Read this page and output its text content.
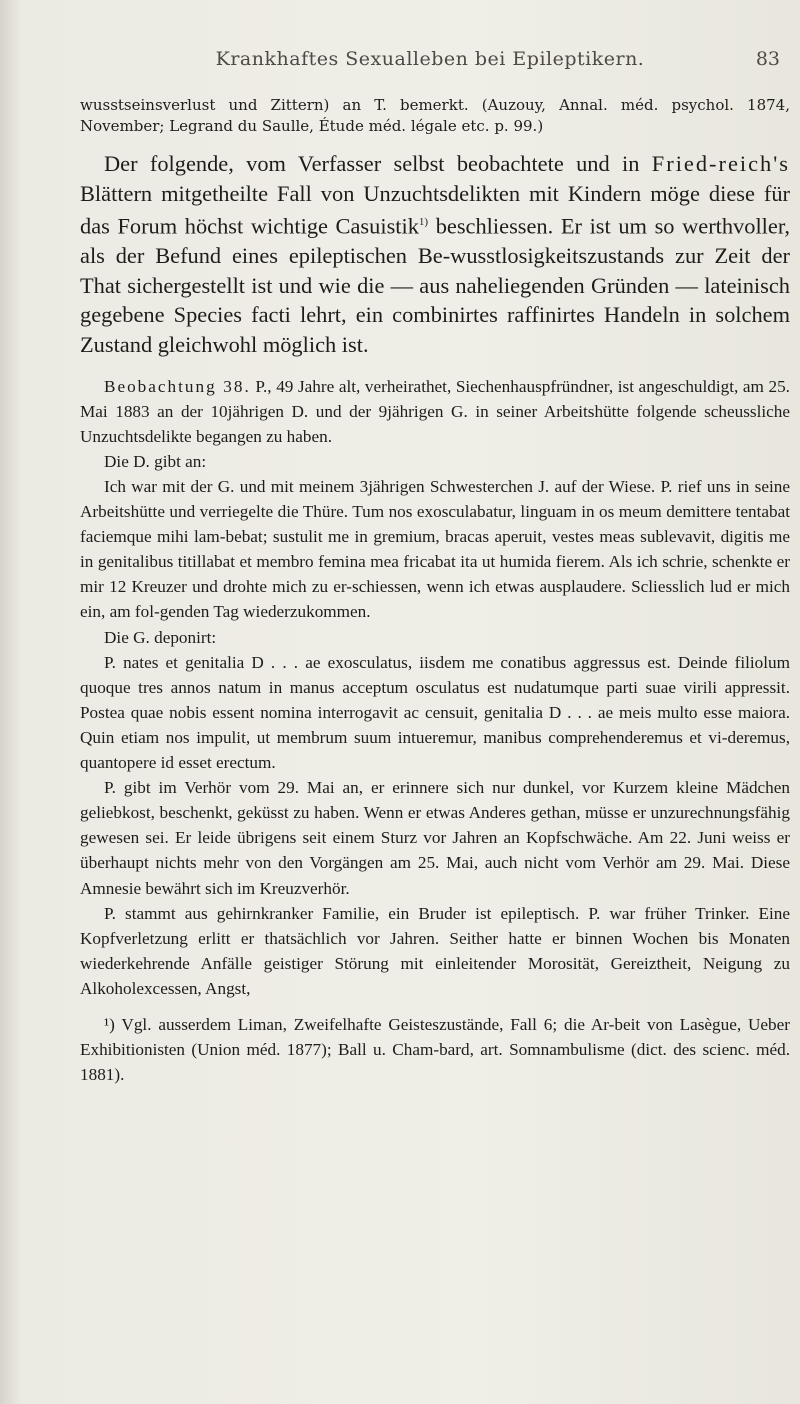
Krankhaftes Sexualleben bei Epileptikern.	83

wusstseinsverlust und Zittern) an T. bemerkt. (Auzouy, Annal. méd. psychol. 1874, November; Legrand du Saulle, Étude méd. légale etc. p. 99.)

Der folgende, vom Verfasser selbst beobachtete und in Fried-reich's Blättern mitgetheilte Fall von Unzuchtsdelikten mit Kindern möge diese für das Forum höchst wichtige Casuistik$^{1)}$ beschliessen. Er ist um so werthvoller, als der Befund eines epileptischen Be-wusstlosigkeitszustands zur Zeit der That sichergestellt ist und wie die — aus naheliegenden Gründen — lateinisch gegebene Species facti lehrt, ein combinirtes raffinirtes Handeln in solchem Zustand gleichwohl möglich ist.

Beobachtung 38. P., 49 Jahre alt, verheirathet, Siechenhauspfründner, ist angeschuldigt, am 25. Mai 1883 an der 10jährigen D. und der 9jährigen G. in seiner Arbeitshütte folgende scheussliche Unzuchtsdelikte begangen zu haben.

Die D. gibt an:

Ich war mit der G. und mit meinem 3jährigen Schwesterchen J. auf der Wiese. P. rief uns in seine Arbeitshütte und verriegelte die Thüre. Tum nos exosculabatur, linguam in os meum demittere tentabat faciemque mihi lam-bebat; sustulit me in gremium, bracas aperuit, vestes meas sublevavit, digitis me in genitalibus titillabat et membro femina mea fricabat ita ut humida fierem. Als ich schrie, schenkte er mir 12 Kreuzer und drohte mich zu er-schiessen, wenn ich etwas ausplaudere. Scliesslich lud er mich ein, am fol-genden Tag wiederzukommen.

Die G. deponirt:

P. nates et genitalia D . . . ae exosculatus, iisdem me conatibus aggressus est. Deinde filiolum quoque tres annos natum in manus acceptum osculatus est nudatumque parti suae virili appressit. Postea quae nobis essent nomina interrogavit ac censuit, genitalia D . . . ae meis multo esse maiora. Quin etiam nos impulit, ut membrum suum intueremur, manibus comprehenderemus et vi-deremus, quantopere id esset erectum.

P. gibt im Verhör vom 29. Mai an, er erinnere sich nur dunkel, vor Kurzem kleine Mädchen geliebkost, beschenkt, geküsst zu haben. Wenn er etwas Anderes gethan, müsse er unzurechnungsfähig gewesen sei. Er leide übrigens seit einem Sturz vor Jahren an Kopfschwäche. Am 22. Juni weiss er überhaupt nichts mehr von den Vorgängen am 25. Mai, auch nicht vom Verhör am 29. Mai. Diese Amnesie bewährt sich im Kreuzverhör.

P. stammt aus gehirnkranker Familie, ein Bruder ist epileptisch. P. war früher Trinker. Eine Kopfverletzung erlitt er thatsächlich vor Jahren. Seither hatte er binnen Wochen bis Monaten wiederkehrende Anfälle geistiger Störung mit einleitender Morosität, Gereiztheit, Neigung zu Alkoholexcessen, Angst,

¹) Vgl. ausserdem Liman, Zweifelhafte Geisteszustände, Fall 6; die Ar-beit von Lasègue, Ueber Exhibitionisten (Union méd. 1877); Ball u. Cham-bard, art. Somnambulisme (dict. des scienc. méd. 1881).
